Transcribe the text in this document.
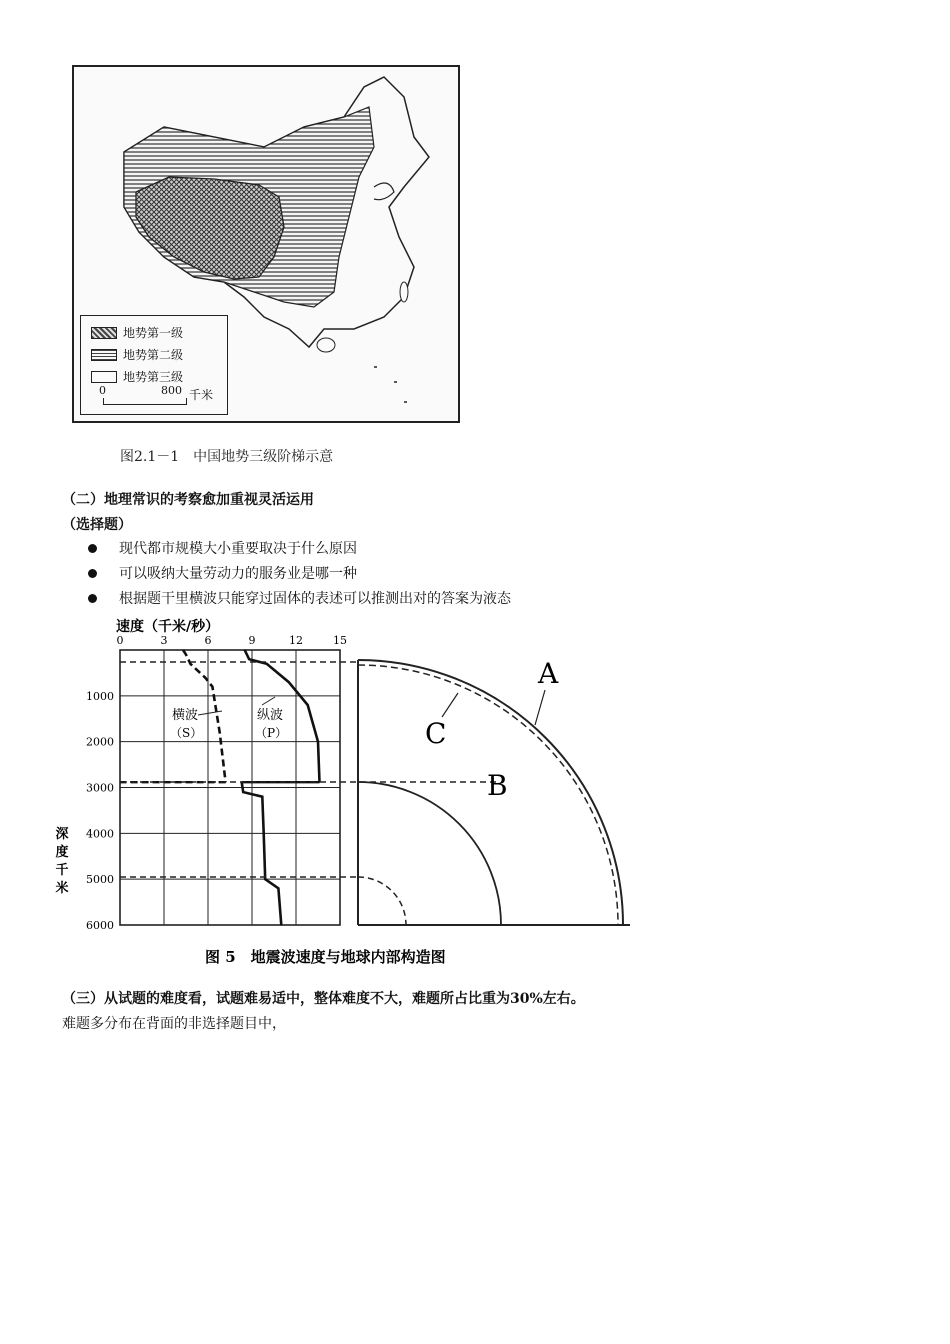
地势第一级
地势第二级
地势第三级
0	800 千米
图2.1－1　中国地势三级阶梯示意
（二）地理常识的考察愈加重视灵活运用
（选择题）
现代都市规模大小重要取决于什么原因
可以吸纳大量劳动力的服务业是哪一种
根据题干里横波只能穿过固体的表述可以推测出对的答案为液态
速度（千米/秒）
0	3	6	9	12	15
1000
2000
3000
4000
5000
6000
深
度
千
米
横波
（S）
纵波
（P）
A
B
C
图 5　地震波速度与地球内部构造图
（三）从试题的难度看，试题难易适中，整体难度不大，难题所占比重为30%左右。
难题多分布在背面的非选择题目中，
